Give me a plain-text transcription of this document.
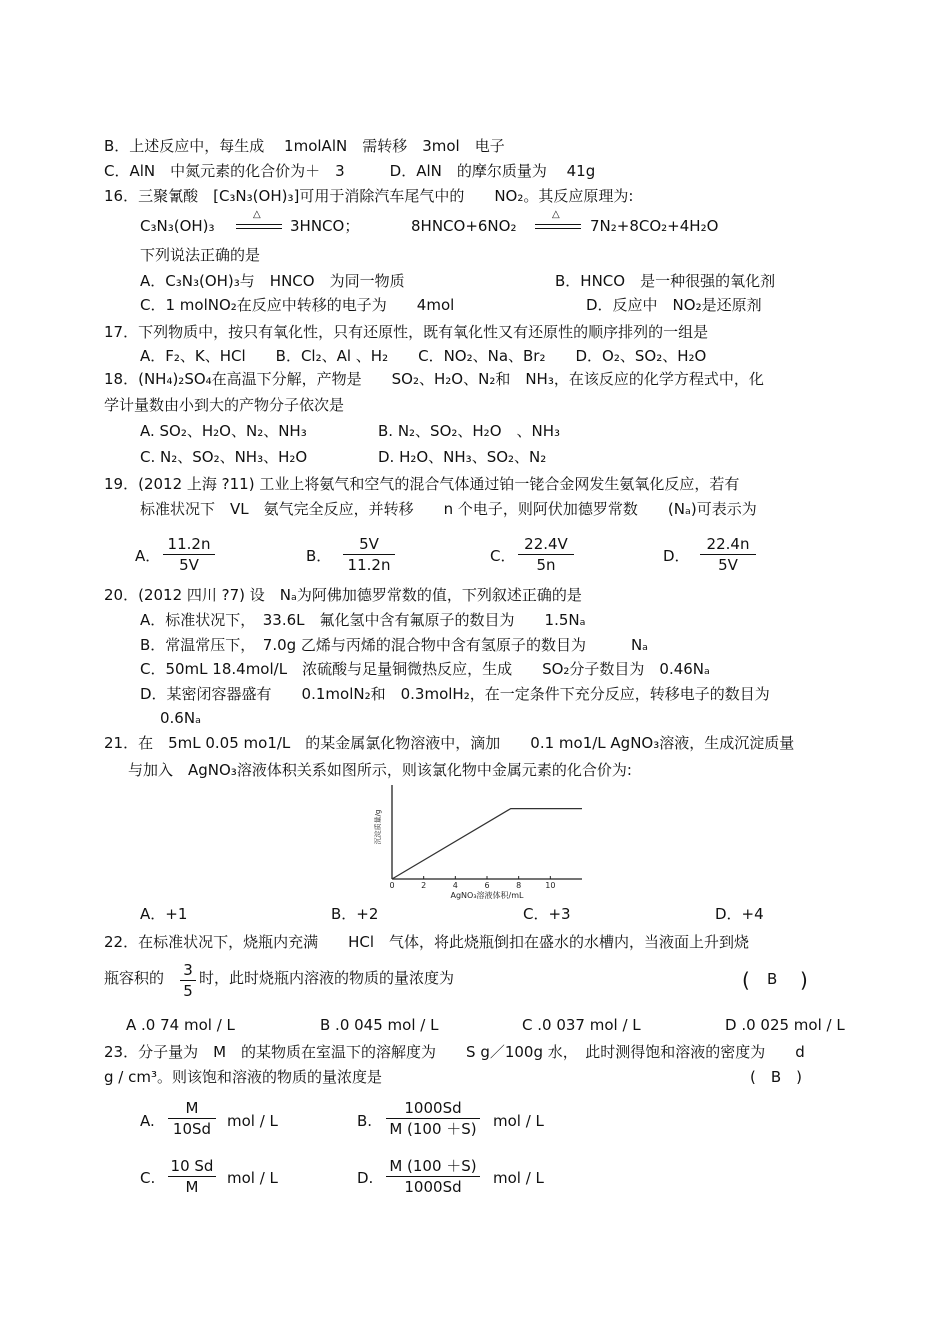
B．上述反应中，每生成　 1molAlN　需转移　3mol　电子
C．AlN　中氮元素的化合价为＋　3　　　D．AlN　的摩尔质量为　 41g
16．三聚氰酸　[C₃N₃(OH)₃]可用于消除汽车尾气中的　　NO₂。其反应原理为:
C₃N₃(OH)₃
△
3HNCO；	8HNCO+6NO₂
△
7N₂+8CO₂+4H₂O
下列说法正确的是
A．C₃N₃(OH)₃与　HNCO　为同一物质	B．HNCO　是一种很强的氧化剂
C．1 molNO₂在反应中转移的电子为　　4mol	D．反应中　NO₂是还原剂
17．下列物质中，按只有氧化性，只有还原性，既有氧化性又有还原性的顺序排列的一组是
A．F₂、K、HCl　　B．Cl₂、Al 、H₂　　C．NO₂、Na、Br₂　　D．O₂、SO₂、H₂O
18．(NH₄)₂SO₄在高温下分解，产物是　　SO₂、H₂O、N₂和　NH₃，在该反应的化学方程式中，化
学计量数由小到大的产物分子依次是
A. SO₂、H₂O、N₂、NH₃	B. N₂、SO₂、H₂O　、NH₃
C. N₂、SO₂、NH₃、H₂O	D. H₂O、NH₃、SO₂、N₂
19．(2012 上海 ?11) 工业上将氨气和空气的混合气体通过铂一铑合金网发生氨氧化反应，若有
标准状况下　VL　氨气完全反应，并转移　　n 个电子，则阿伏加德罗常数　　(Nₐ)可表示为
A． $\frac{11.2n}{5V}$	B． $\frac{5V}{11.2n}$	C． $\frac{22.4V}{5n}$	D． $\frac{22.4n}{5V}$
20．(2012 四川 ?7) 设　Nₐ为阿佛加德罗常数的值，下列叙述正确的是
A．标准状况下，　33.6L　氟化氢中含有氟原子的数目为　　1.5Nₐ
B．常温常压下，　7.0g 乙烯与丙烯的混合物中含有氢原子的数目为　　　Nₐ
C．50mL 18.4mol/L　浓硫酸与足量铜微热反应，生成　　SO₂分子数目为　0.46Nₐ
D．某密闭容器盛有　　0.1molN₂和　0.3molH₂，在一定条件下充分反应，转移电子的数目为
0.6Nₐ
21．在　5mL 0.05 mo1/L　的某金属氯化物溶液中，滴加　　0.1 mo1/L AgNO₃溶液，生成沉淀质量
与加入　AgNO₃溶液体积关系如图所示，则该氯化物中金属元素的化合价为:
0	2	4	6	8	10
AgNO₃溶液体积/mL
沉淀质量/g
A．+1	B．+2	C．+3	D．+4
22．在标准状况下，烧瓶内充满　　HCl　气体，将此烧瓶倒扣在盛水的水槽内，当液面上升到烧
瓶容积的 $\frac{3}{5}$ 时，此时烧瓶内溶液的物质的量浓度为	( B )
A .0 74 mol / L	B .0 045 mol / L	C .0 037 mol / L	D .0 025 mol / L
23．分子量为　M　的某物质在室温下的溶解度为　　S g／100g 水，　此时测得饱和溶液的密度为　　d
g / cm³。则该饱和溶液的物质的量浓度是	(　B　)
A. $\frac{M}{10Sd}$ mol / L	B. $\frac{1000Sd}{M (100 +S)}$ mol / L
C. $\frac{10 Sd}{M}$ mol / L	D. $\frac{M (100 +S)}{1000Sd}$ mol / L
